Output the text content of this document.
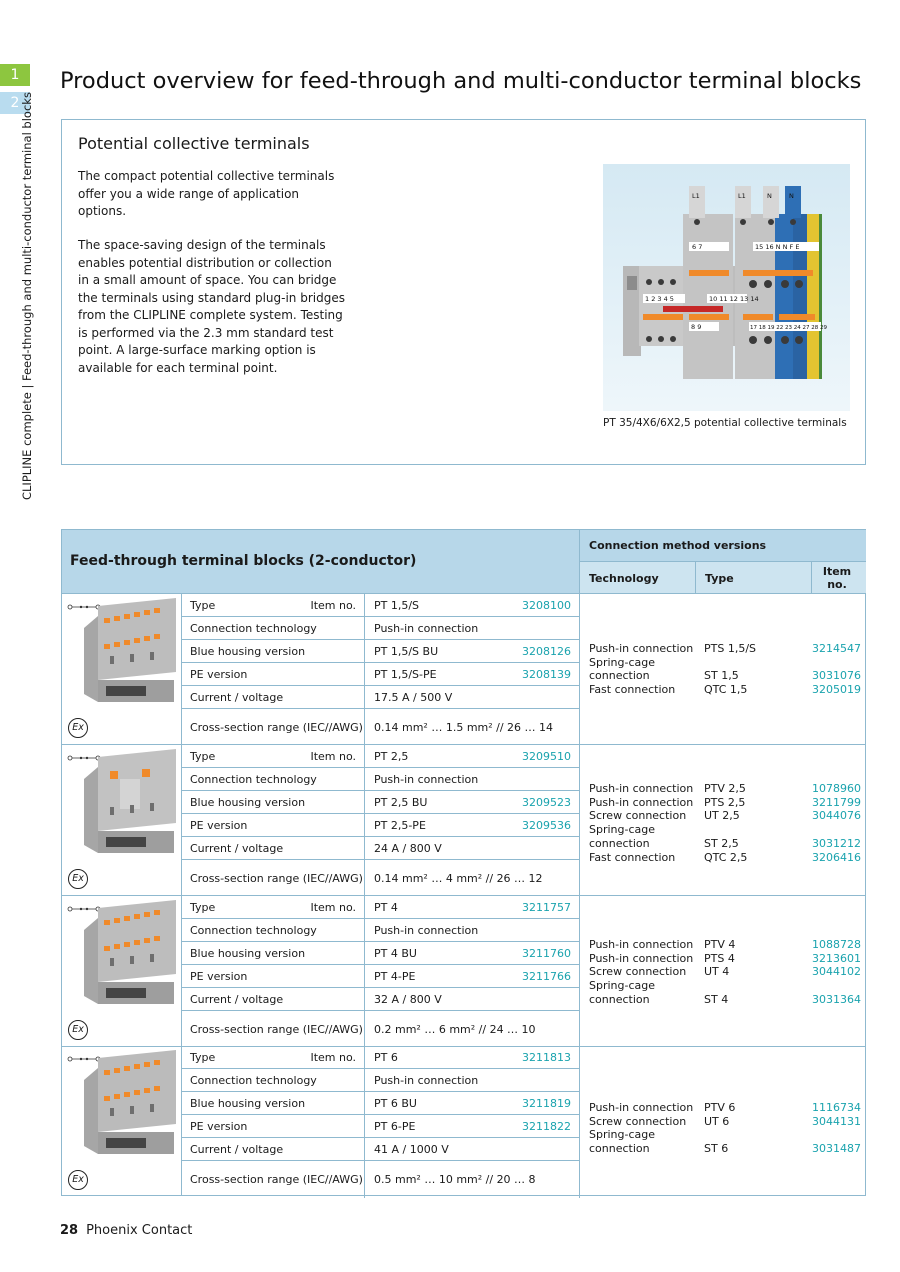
1
2 CLIPLINE complete | Feed-through and multi-conductor terminal blocks
Product overview for feed-through and multi-conductor terminal blocks
Potential collective terminals

The compact potential collective terminals offer you a wide range of application options.

The space-saving design of the terminals enables potential distribution or collection in a small amount of space. You can bridge the terminals using standard plug-in bridges from the CLIPLINE complete system. Testing is performed via the 2.3 mm standard test point. A large-surface marking option is available for each terminal point.

L1	L1	N	N
6 7	15 16 N N F E
1 2 3 4 5	10 11 12 13 14
8 9	17 18 19 22 23 24 27 28 29
PT 35/4X6/6X2,5 potential collective terminals
Feed-through terminal blocks (2-conductor)
Connection method versions
Technology	Type
Item no.
Ex
Type	Item no. PT 1,5/S	3208100
Connection technology	Push-in connection
Blue housing version	PT 1,5/S BU	3208126
PE version	PT 1,5/S-PE	3208139
Current / voltage	17.5 A / 500 V
Cross-section range (IEC//AWG) 0.14 mm² … 1.5 mm² // 26 … 14
Push-in connection PTS 1,5/S	3214547
Spring-cage connection	ST 1,5	3031076
Fast connection	QTC 1,5	3205019
Ex
Type	Item no. PT 2,5	3209510
Connection technology	Push-in connection
Blue housing version	PT 2,5 BU	3209523
PE version	PT 2,5-PE	3209536
Current / voltage	24 A / 800 V
Cross-section range (IEC//AWG) 0.14 mm² … 4 mm² // 26 … 12
Push-in connection PTV 2,5	1078960
Push-in connection PTS 2,5	3211799
Screw connection	UT 2,5	3044076
Spring-cage connection	ST 2,5	3031212
Fast connection	QTC 2,5	3206416
Ex
Type	Item no. PT 4	3211757
Connection technology	Push-in connection
Blue housing version	PT 4 BU	3211760
PE version	PT 4-PE	3211766
Current / voltage	32 A / 800 V
Cross-section range (IEC//AWG) 0.2 mm² … 6 mm² // 24 … 10
Push-in connection PTV 4	1088728
Push-in connection PTS 4	3213601
Screw connection	UT 4	3044102
Spring-cage connection	ST 4	3031364
Ex
Type	Item no. PT 6	3211813
Connection technology	Push-in connection
Blue housing version	PT 6 BU	3211819
PE version	PT 6-PE	3211822
Current / voltage	41 A / 1000 V
Cross-section range (IEC//AWG) 0.5 mm² … 10 mm² // 20 … 8
Push-in connection PTV 6	1116734
Screw connection	UT 6	3044131
Spring-cage connection	ST 6	3031487
28 Phoenix Contact
